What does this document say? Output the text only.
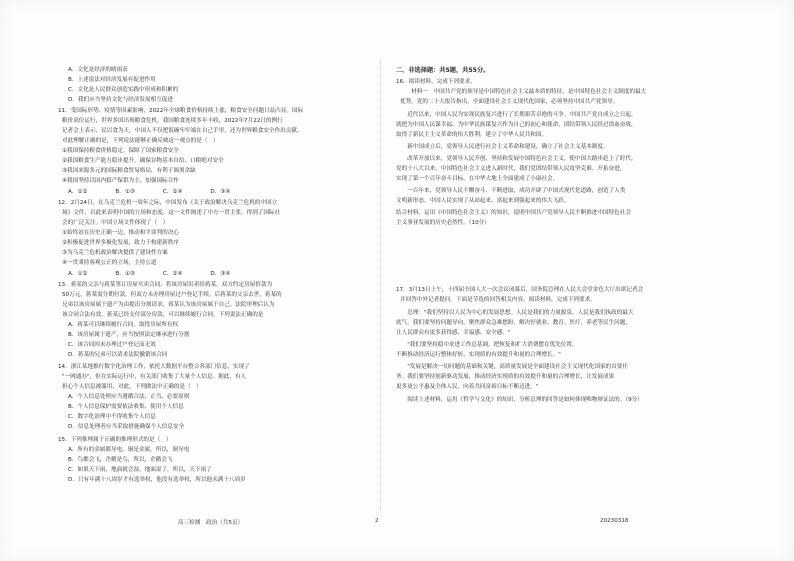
A．文化是经济的晴雨表
B．上述说法对经济发展有促进作用
C．文化是人民群众创造实践中形成和积累的
D．我们应当坚持文化与经济发展相互促进
11．受国际形势、疫情等因素影响，2022年全球粮食价格持续上涨，粮食安全问题日益凸显。国际
粮价高位运行，世界多国出现粮食危机。我国粮食连续多年丰收，2022年7月22日的例行
记者会上表示，民以食为天。中国人不仅把饭碗牢牢端在自己手里，还为世界粮食安全作出贡献。
对此理解正确的是，下列说法能够正确反映这一观点的是（　）
①我国保持粮食价格稳定，保障了国家粮食安全
②我国粮食生产能力稳步提升，确保谷物基本自给、口粮绝对安全
③我国来源多元的国际粮食贸易格局，有利于调剂余缺
④我国坚持以国内稳产保供为主，加强国际合作
A．①②　　　　　B．①③　　　　　C．②④　　　　　D．③④
12．2月24日，在乌克兰危机一周年之际，中国发布《关于政治解决乌克兰危机的中国立
场》文件，以此来表明中国的立场和态度。这一文件阐述了中方一贯主张，得到了国际社
会的广泛关注。中国立场文件体现了（　）
①始终站在历史正确一边，推动和平谈判的决心
②积极促进世界多极化发展，致力于构建新秩序
③为乌克兰危机政治解决提供了建设性方案
④一贯秉持客观公正的立场，主持公道
A．①②　　　　　B．①③　　　　　C．②④　　　　　D．③④
13．蒋某的父亲与蒋某签订房屋买卖合同，将该房屋出卖给蒋某，双方约定房屋价款为
50万元，蒋某需分期付款，但双方未办理房屋过户登记手续。后蒋某的父亲去世，蒋某的
兄弟以该房屋属于遗产为由提出分割请求，蒋某认为该房屋属于自己。法院审理后认为
该合同合法有效，蒋某已经支付部分房款，可以继续履行合同。下列说法正确的是
A．蒋某可以继续履行合同，取得房屋所有权
B．该房屋属于遗产，应当按照法定继承进行分割
C．该合同因未办理过户登记而无效
D．蒋某的兄弟可以请求法院撤销该合同
14．浙江某地推行数字化治理工作，依托大数据平台整合各部门信息，实现了
"一网通办"，但在实际运行中，有关部门收集了大量个人信息。据此，有人
担心个人信息被滥用，对此，下列做法中正确的是（　）
A．个人信息处理应当遵循合法、正当、必要原则
B．个人信息保护需要依法收集、使用个人信息
C．数字化治理中不得收集个人信息
D．信息处理者应当采取措施确保个人信息安全
15．下列推理属于正确的推理形式的是（　）
A．所有的金属都导电，铜是金属，所以，铜导电
B．鸟都会飞，企鹅是鸟，所以，企鹅会飞
C．如果天下雨，地面就会湿，地面湿了，所以，天下雨了
D．只有年满十八周岁才有选举权，他没有选举权，所以他未满十八周岁
二、非选择题：共5题，共55分。
16．阅读材料，完成下列要求。
　　材料一　中国共产党的领导是中国特色社会主义最本质的特征，是中国特色社会主义制度的最大
优势。党的二十大报告指出，全面建设社会主义现代化国家，必须坚持中国共产党领导。
　　近代以来，中国人民为实现民族复兴进行了长期艰苦卓绝的斗争。中国共产党自成立之日起，
就把为中国人民谋幸福、为中华民族谋复兴作为自己的初心和使命，团结带领人民经过浴血奋战，
取得了新民主主义革命的伟大胜利，建立了中华人民共和国。
　　新中国成立后，党领导人民进行社会主义革命和建设，确立了社会主义基本制度。
　　改革开放以来，党领导人民开创、坚持和发展中国特色社会主义，使中国大踏步赶上了时代。
党的十八大以来，中国特色社会主义进入新时代，我们党团结带领人民攻坚克难、开拓奋进，
实现了第一个百年奋斗目标，在中华大地上全面建成了小康社会。
　　一百年来，党领导人民不懈奋斗、不断进取，成功开辟了中国式现代化道路，创造了人类
文明新形态。中国人民实现了从站起来、富起来到强起来的伟大飞跃。
结合材料，运用《中国特色社会主义》的知识，说明中国共产党领导人民不断推进中国特色社会
主义事业发展的历史必然性。（10分）
17．3月13日上午，十四届全国人大一次会议闭幕后，国务院总理在人民大会堂金色大厅出席记者会
并回答中外记者提问。下面是节选的回答相关内容，阅读材料，完成下列要求。
　　总理："我们坚持以人民为中心的发展思想。人民是我们的力量源泉，人民是我们执政的最大
底气。我们要坚持问题导向，聚焦群众急难愁盼，解决好就业、教育、医疗、养老等民生问题，
让人民群众有更多获得感、幸福感、安全感。"
　　"我们要坚持稳中求进工作总基调，把恢复和扩大消费摆在优先位置，
不断推动经济运行整体好转，实现质的有效提升和量的合理增长。"
　　"发展是解决一切问题的基础和关键，高质量发展是全面建设社会主义现代化国家的首要任
务。我们要坚持创新驱动发展，推动经济实现质的有效提升和量的合理增长，让发展成果
更多更公平惠及全体人民，向着共同富裕目标不断迈进。"
　　阅读上述材料，运用《哲学与文化》的知识，分析总理的回答是如何体现唯物辩证法的。（9分）
高三检测　政治（共5页）	2	20230318
